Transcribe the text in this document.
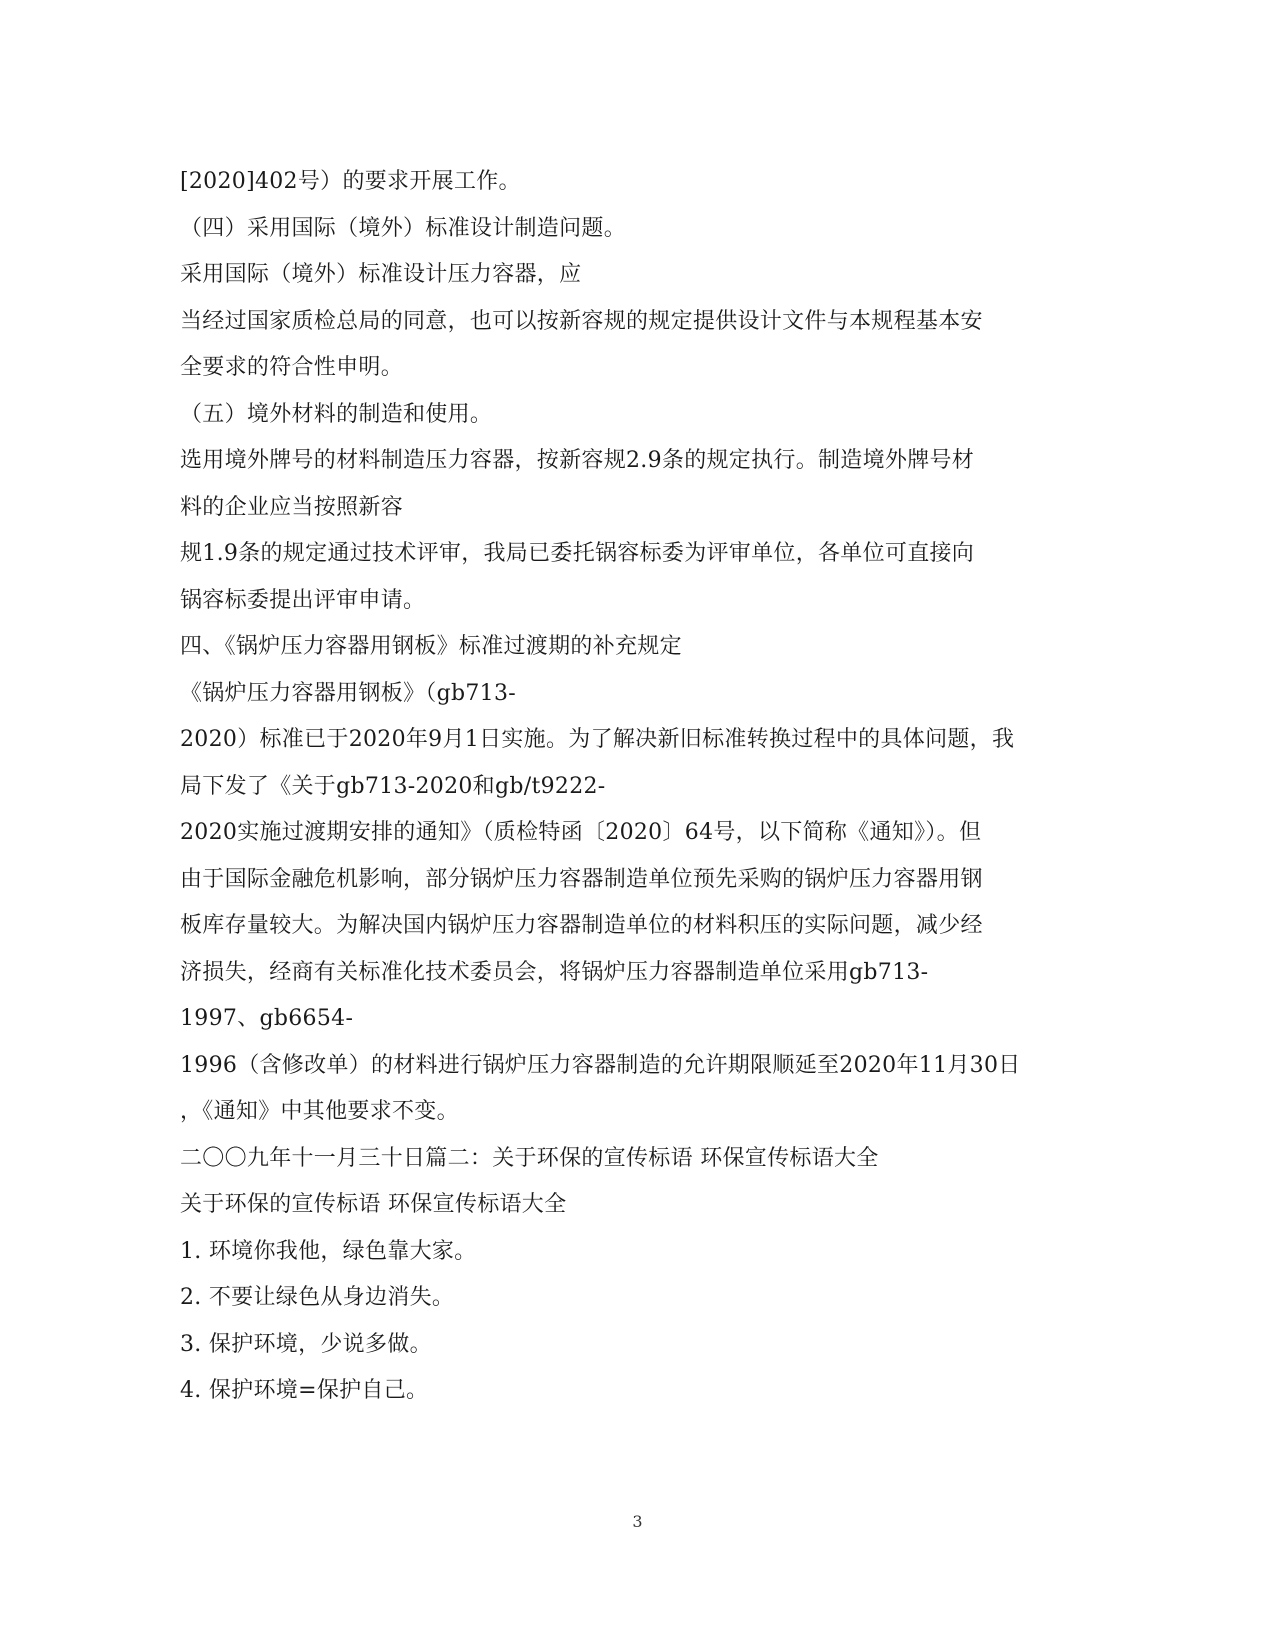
[2020]402号）的要求开展工作。
（四）采用国际（境外）标准设计制造问题。
采用国际（境外）标准设计压力容器，应
当经过国家质检总局的同意，也可以按新容规的规定提供设计文件与本规程基本安
全要求的符合性申明。
（五）境外材料的制造和使用。
选用境外牌号的材料制造压力容器，按新容规2.9条的规定执行。制造境外牌号材
料的企业应当按照新容
规1.9条的规定通过技术评审，我局已委托锅容标委为评审单位，各单位可直接向
锅容标委提出评审申请。
四、《锅炉压力容器用钢板》标准过渡期的补充规定
《锅炉压力容器用钢板》（gb713-
2020）标准已于2020年9月1日实施。为了解决新旧标准转换过程中的具体问题，我
局下发了《关于gb713-2020和gb/t9222-
2020实施过渡期安排的通知》（质检特函〔2020〕64号，以下简称《通知》）。但
由于国际金融危机影响，部分锅炉压力容器制造单位预先采购的锅炉压力容器用钢
板库存量较大。为解决国内锅炉压力容器制造单位的材料积压的实际问题，减少经
济损失，经商有关标准化技术委员会，将锅炉压力容器制造单位采用gb713-
1997、gb6654-
1996（含修改单）的材料进行锅炉压力容器制造的允许期限顺延至2020年11月30日
，《通知》中其他要求不变。
二〇〇九年十一月三十日篇二：关于环保的宣传标语 环保宣传标语大全
关于环保的宣传标语 环保宣传标语大全
1. 环境你我他，绿色靠大家。
2. 不要让绿色从身边消失。
3. 保护环境，少说多做。
4. 保护环境=保护自己。
3
